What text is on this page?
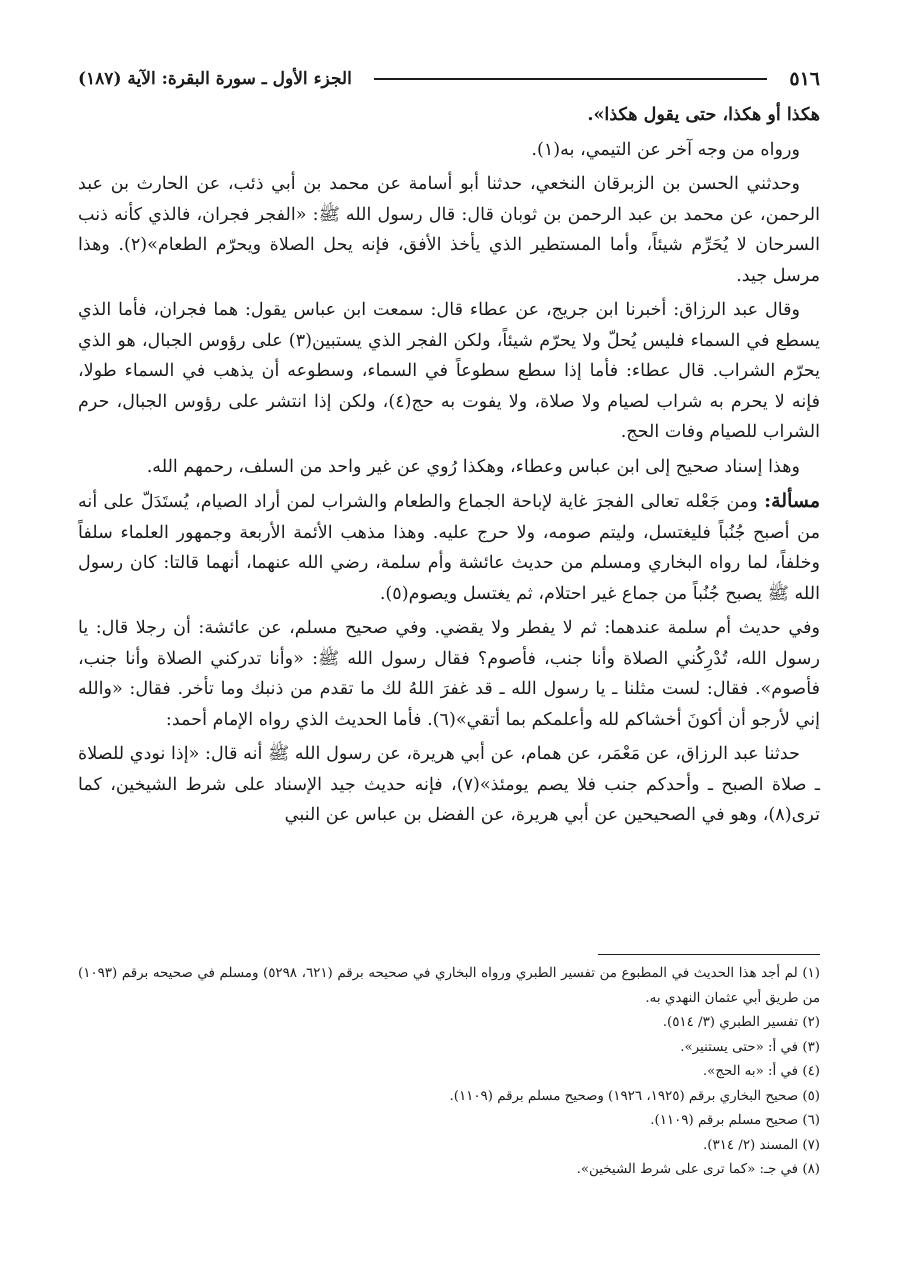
٥١٦
الجزء الأول ـ سورة البقرة: الآية (١٨٧)

هكذا أو هكذا، حتى يقول هكذا».

ورواه من وجه آخر عن التيمي، به(١).

وحدثني الحسن بن الزبرقان النخعي، حدثنا أبو أسامة عن محمد بن أبي ذئب، عن الحارث بن عبد الرحمن، عن محمد بن عبد الرحمن بن ثوبان قال: قال رسول الله ﷺ: «الفجر فجران، فالذي كأنه ذنب السرحان لا يُحَرِّم شيئاً، وأما المستطير الذي يأخذ الأفق، فإنه يحل الصلاة ويحرّم الطعام»(٢). وهذا مرسل جيد.

وقال عبد الرزاق: أخبرنا ابن جريج، عن عطاء قال: سمعت ابن عباس يقول: هما فجران، فأما الذي يسطع في السماء فليس يُحلّ ولا يحرّم شيئاً، ولكن الفجر الذي يستبين(٣) على رؤوس الجبال، هو الذي يحرّم الشراب. قال عطاء: فأما إذا سطع سطوعاً في السماء، وسطوعه أن يذهب في السماء طولا، فإنه لا يحرم به شراب لصيام ولا صلاة، ولا يفوت به حج(٤)، ولكن إذا انتشر على رؤوس الجبال، حرم الشراب للصيام وفات الحج.

وهذا إسناد صحيح إلى ابن عباس وعطاء، وهكذا رُوي عن غير واحد من السلف، رحمهم الله.

مسألة: ومن جَعْله تعالى الفجرَ غاية لإباحة الجماع والطعام والشراب لمن أراد الصيام، يُستَدَلّ على أنه من أصبح جُنُباً فليغتسل، وليتم صومه، ولا حرج عليه. وهذا مذهب الأئمة الأربعة وجمهور العلماء سلفاً وخلفاً، لما رواه البخاري ومسلم من حديث عائشة وأم سلمة، رضي الله عنهما، أنهما قالتا: كان رسول الله ﷺ يصبح جُنُباً من جماع غير احتلام، ثم يغتسل ويصوم(٥).

وفي حديث أم سلمة عندهما: ثم لا يفطر ولا يقضي. وفي صحيح مسلم، عن عائشة: أن رجلا قال: يا رسول الله، تُدْرِكُني الصلاة وأنا جنب، فأصوم؟ فقال رسول الله ﷺ: «وأنا تدركني الصلاة وأنا جنب، فأصوم». فقال: لست مثلنا ـ يا رسول الله ـ قد غفرَ اللهُ لك ما تقدم من ذنبك وما تأخر. فقال: «والله إني لأرجو أن أكونَ أخشاكم لله وأعلمكم بما أتقي»(٦). فأما الحديث الذي رواه الإمام أحمد:

حدثنا عبد الرزاق، عن مَعْمَر، عن همام، عن أبي هريرة، عن رسول الله ﷺ أنه قال: «إذا نودي للصلاة ـ صلاة الصبح ـ وأحدكم جنب فلا يصم يومئذ»(٧)، فإنه حديث جيد الإسناد على شرط الشيخين، كما ترى(٨)، وهو في الصحيحين عن أبي هريرة، عن الفضل بن عباس عن النبي

(١) لم أجد هذا الحديث في المطبوع من تفسير الطبري ورواه البخاري في صحيحه برقم (٦٢١، ٥٢٩٨) ومسلم في صحيحه برقم (١٠٩٣) من طريق أبي عثمان النهدي به.

(٢) تفسير الطبري (٣/ ٥١٤).

(٣) في أ: «حتى يستنير».

(٤) في أ: «به الحج».

(٥) صحيح البخاري برقم (١٩٢٥، ١٩٢٦) وصحيح مسلم برقم (١١٠٩).

(٦) صحيح مسلم برقم (١١٠٩).

(٧) المسند (٢/ ٣١٤).

(٨) في جـ: «كما ترى على شرط الشيخين».
